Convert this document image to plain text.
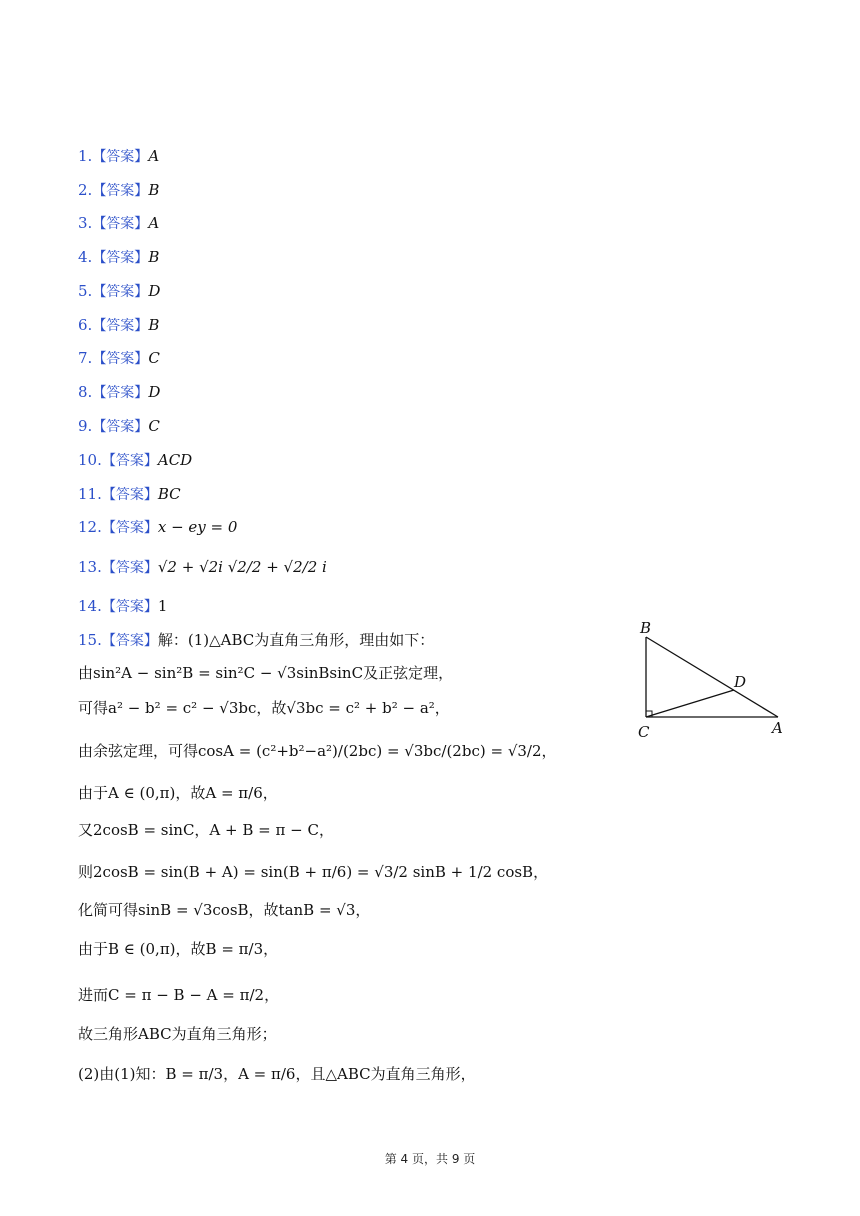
1.【答案】A
2.【答案】B
3.【答案】A
4.【答案】B
5.【答案】D
6.【答案】B
7.【答案】C
8.【答案】D
9.【答案】C
10.【答案】ACD
11.【答案】BC
12.【答案】x − ey = 0
13.【答案】√2 + √2i √2/2 + √2/2 i
14.【答案】1
15.【答案】解：(1)△ABC为直角三角形，理由如下：
由sin²A − sin²B = sin²C − √3sinBsinC及正弦定理，
可得a² − b² = c² − √3bc，故√3bc = c² + b² − a²，
由余弦定理，可得cosA = (c²+b²−a²)/(2bc) = √3bc/(2bc) = √3/2，
由于A ∈ (0,π)，故A = π/6，
又2cosB = sinC，A + B = π − C，
则2cosB = sin(B + A) = sin(B + π/6) = √3/2 sinB + 1/2 cosB，
化简可得sinB = √3cosB，故tanB = √3，
由于B ∈ (0,π)，故B = π/3，
进而C = π − B − A = π/2，
故三角形ABC为直角三角形；
(2)由(1)知：B = π/3，A = π/6，且△ABC为直角三角形，
B
D
C	A
第 4 页，共 9 页
